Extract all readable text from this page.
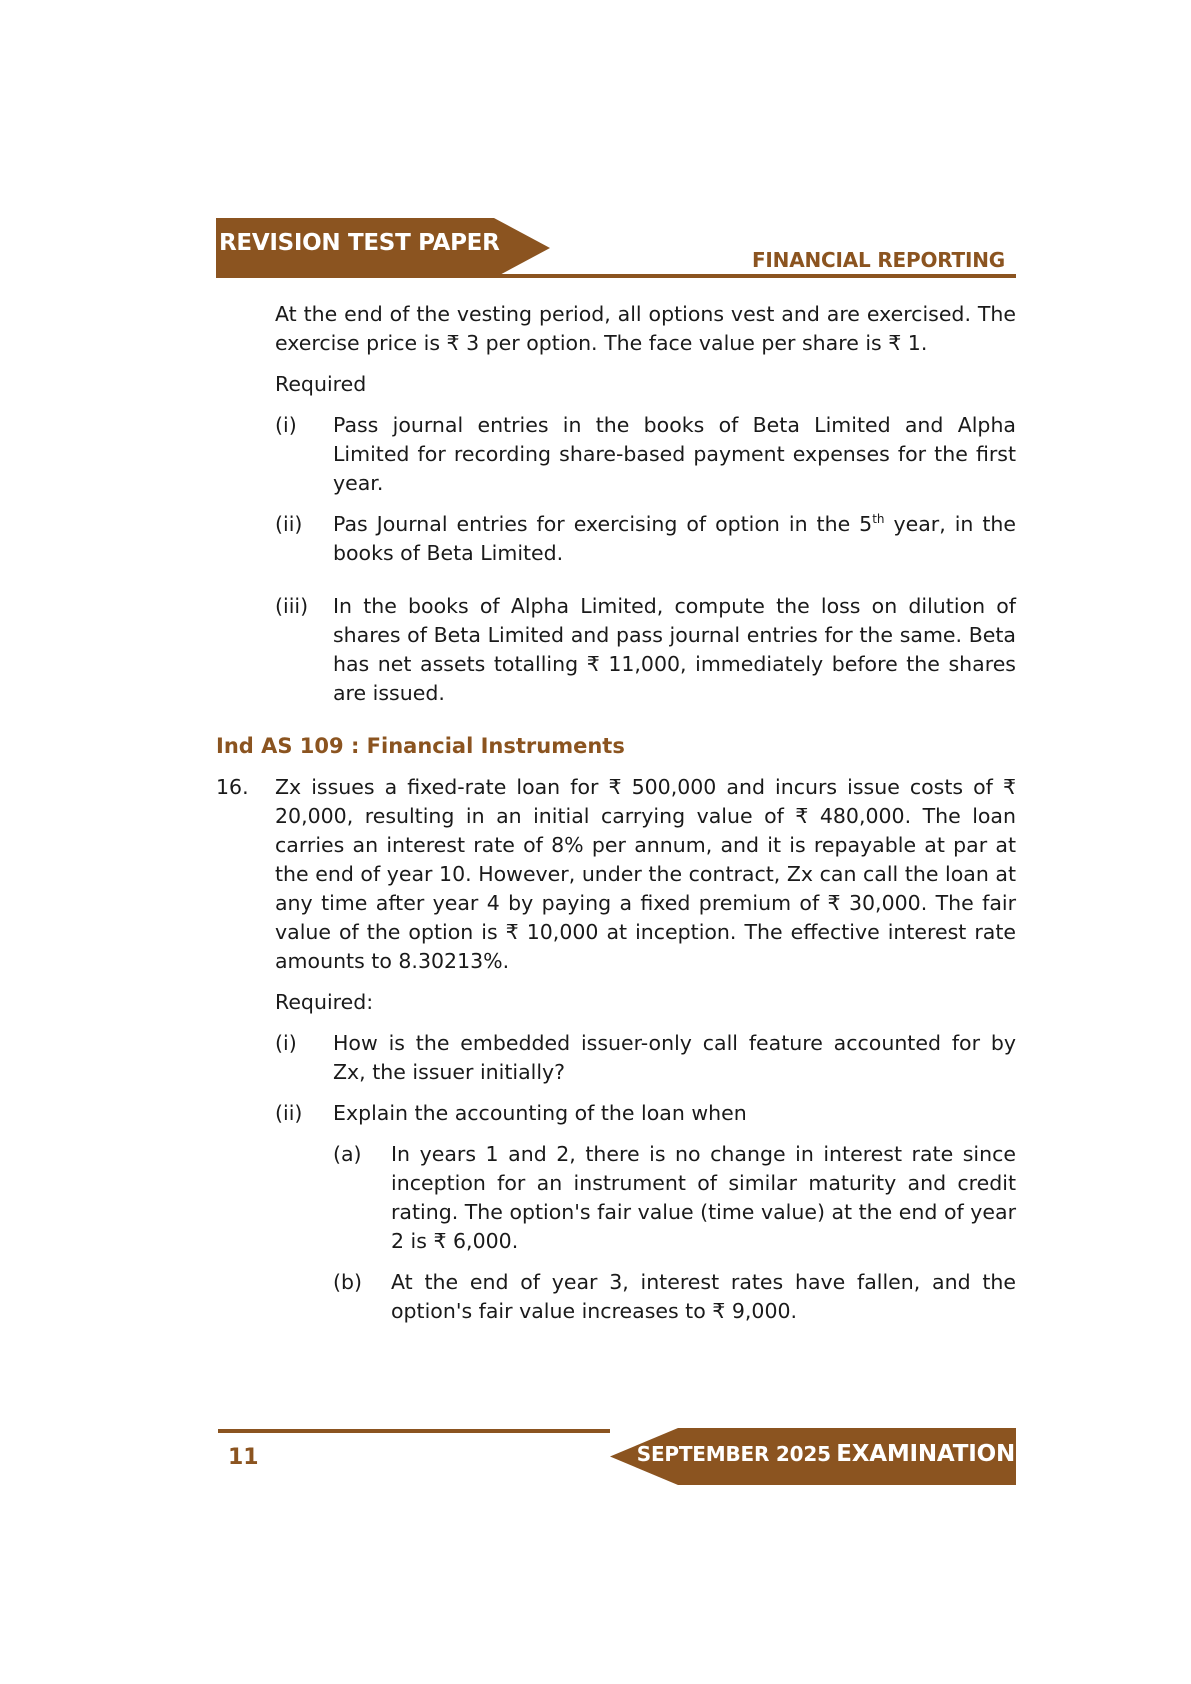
REVISION TEST PAPER
FINANCIAL REPORTING

At the end of the vesting period, all options vest and are exercised. The exercise price is ₹ 3 per option. The face value per share is ₹ 1.

Required

(i)	Pass journal entries in the books of Beta Limited and Alpha Limited for recording share-based payment expenses for the first year.
(ii)	Pas Journal entries for exercising of option in the 5th year, in the books of Beta Limited.
(iii)	In the books of Alpha Limited, compute the loss on dilution of shares of Beta Limited and pass journal entries for the same. Beta has net assets totalling ₹ 11,000, immediately before the shares are issued.

Ind AS 109 : Financial Instruments

16.	Zx issues a fixed-rate loan for ₹ 500,000 and incurs issue costs of ₹ 20,000, resulting in an initial carrying value of ₹ 480,000. The loan carries an interest rate of 8% per annum, and it is repayable at par at the end of year 10. However, under the contract, Zx can call the loan at any time after year 4 by paying a fixed premium of ₹ 30,000. The fair value of the option is ₹ 10,000 at inception. The effective interest rate amounts to 8.30213%.

Required:

(i)	How is the embedded issuer-only call feature accounted for by Zx, the issuer initially?
(ii)	Explain the accounting of the loan when
(a)	In years 1 and 2, there is no change in interest rate since inception for an instrument of similar maturity and credit rating. The option's fair value (time value) at the end of year 2 is ₹ 6,000.
(b)	At the end of year 3, interest rates have fallen, and the option's fair value increases to ₹ 9,000.
11	SEPTEMBER 2025 EXAMINATION
